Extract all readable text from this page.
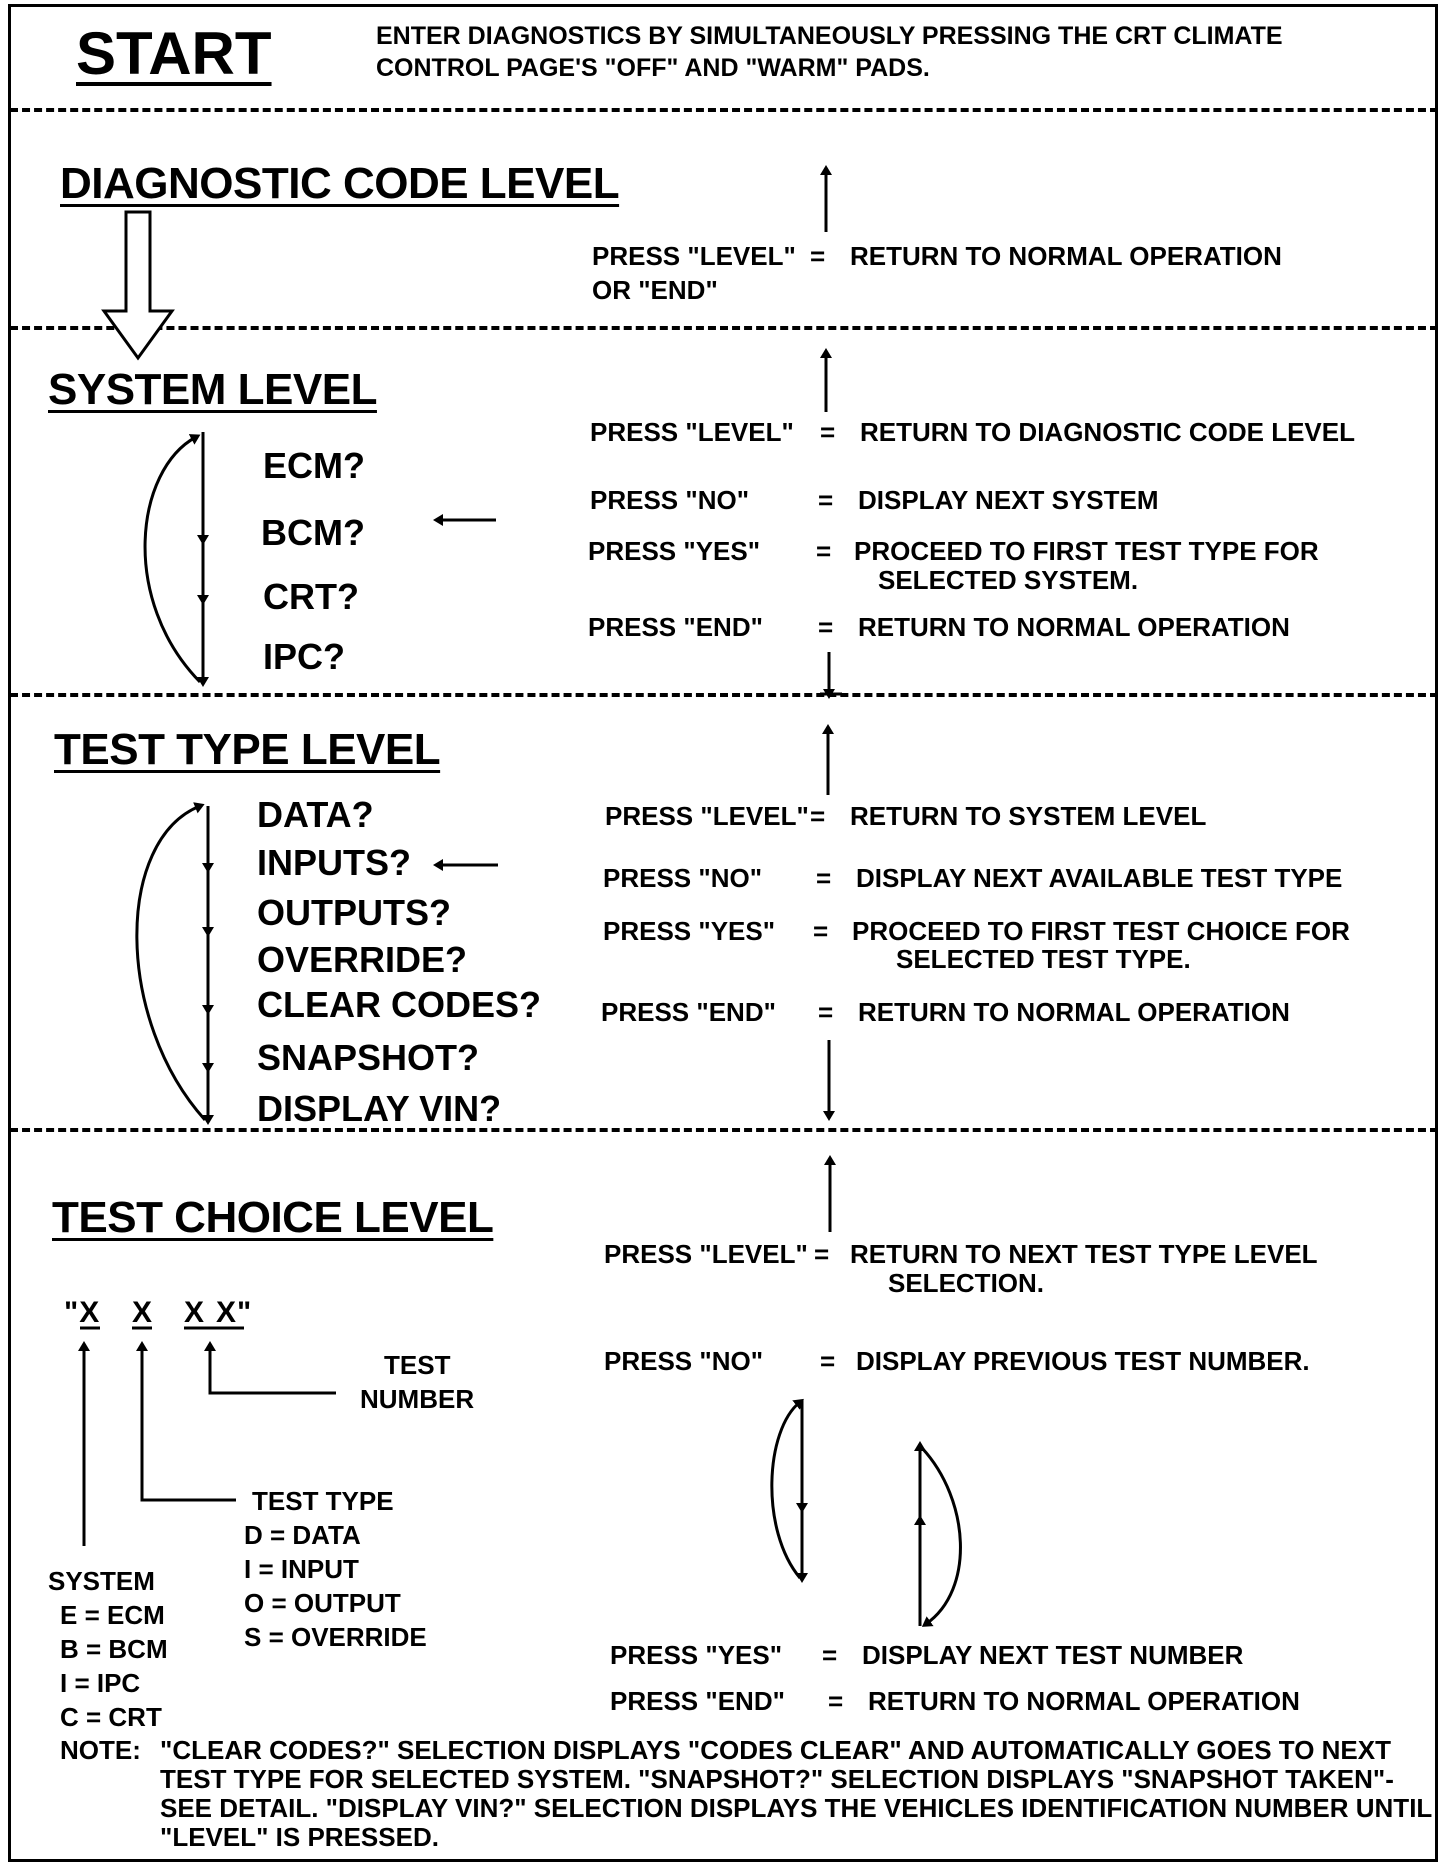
START	ENTER DIAGNOSTICS BY SIMULTANEOUSLY PRESSING THE CRT CLIMATE CONTROL PAGE'S "OFF" AND "WARM" PADS.
DIAGNOSTIC CODE LEVEL
PRESS "LEVEL"
OR "END"
= RETURN TO NORMAL OPERATION
SYSTEM LEVEL
ECM?
BCM?
CRT?
IPC?
PRESS "LEVEL" = RETURN TO DIAGNOSTIC CODE LEVEL
PRESS "NO"	= DISPLAY NEXT SYSTEM
PRESS "YES" = PROCEED TO FIRST TEST TYPE FOR
SELECTED SYSTEM.
PRESS "END" = RETURN TO NORMAL OPERATION
TEST TYPE LEVEL
DATA?
INPUTS?
OUTPUTS?
OVERRIDE?
CLEAR CODES?
SNAPSHOT?
DISPLAY VIN?
PRESS "LEVEL" = RETURN TO SYSTEM LEVEL
PRESS "NO" = DISPLAY NEXT AVAILABLE TEST TYPE
PRESS "YES" = PROCEED TO FIRST TEST CHOICE FOR
SELECTED TEST TYPE.
PRESS "END" = RETURN TO NORMAL OPERATION
TEST CHOICE LEVEL
"X X X X"
TEST
NUMBER
TEST TYPE
D = DATA
I = INPUT
O = OUTPUT
S = OVERRIDE
SYSTEM
E = ECM
B = BCM
I = IPC
C = CRT
PRESS "LEVEL" = RETURN TO NEXT TEST TYPE LEVEL
SELECTION.
PRESS "NO" = DISPLAY PREVIOUS TEST NUMBER.
PRESS "YES" = DISPLAY NEXT TEST NUMBER
PRESS "END" = RETURN TO NORMAL OPERATION
NOTE: "CLEAR CODES?" SELECTION DISPLAYS "CODES CLEAR" AND AUTOMATICALLY GOES TO NEXT TEST TYPE FOR SELECTED SYSTEM. "SNAPSHOT?" SELECTION DISPLAYS "SNAPSHOT TAKEN"- SEE DETAIL. "DISPLAY VIN?" SELECTION DISPLAYS THE VEHICLES IDENTIFICATION NUMBER UNTIL "LEVEL" IS PRESSED.
